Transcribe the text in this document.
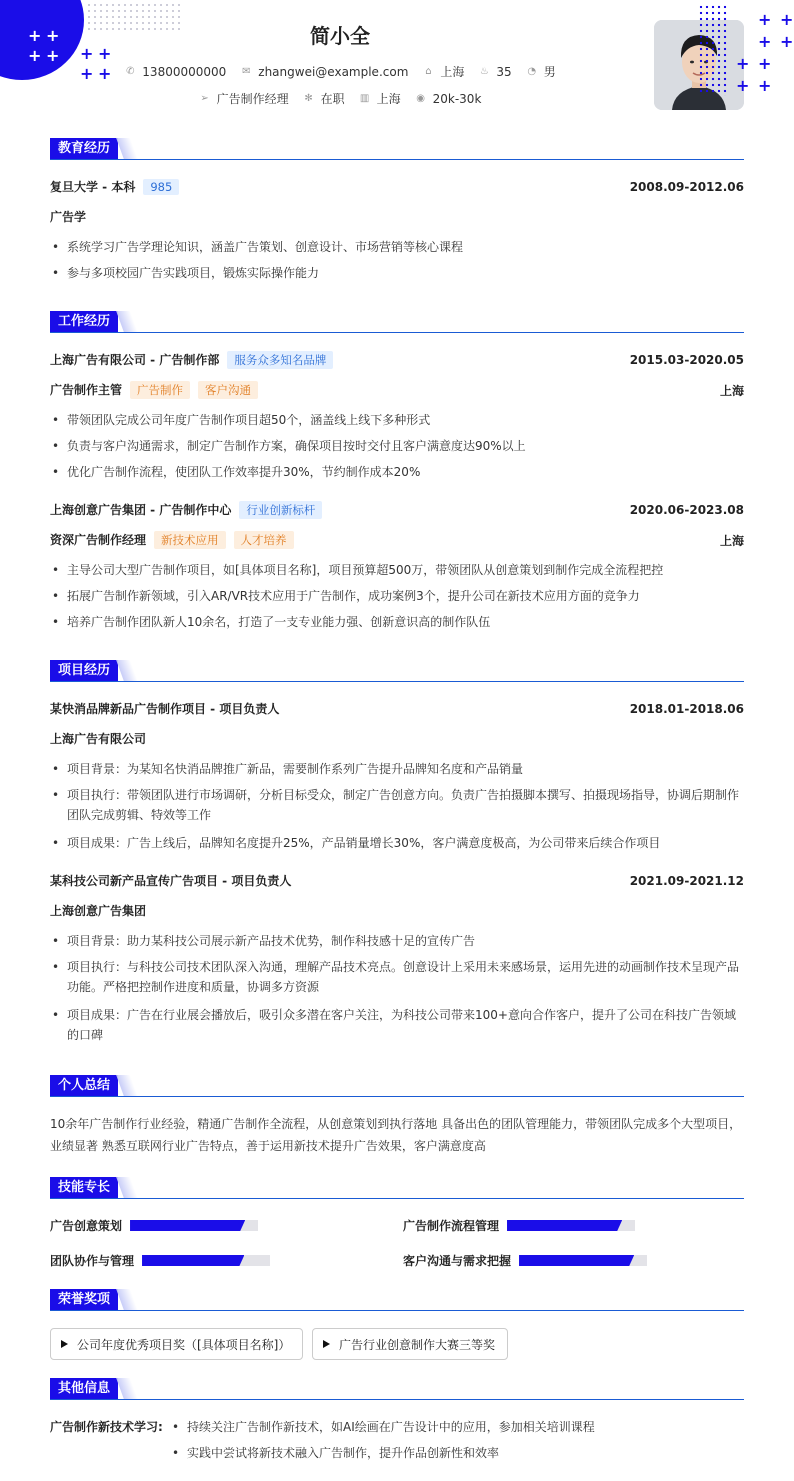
+ +
+ + + +
+ +
简小全
✆ 13800000000 ✉ zhangwei@example.com ⌂ 上海 ♨ 35 ◔ 男
➢ 广告制作经理 ✻ 在职 ▥ 上海 ◉ 20k-30k
+ +
+ +
+ +
+ +
教育经历
复旦大学 - 本科 985	2008.09-2012.06
广告学
• 系统学习广告学理论知识，涵盖广告策划、创意设计、市场营销等核心课程
• 参与多项校园广告实践项目，锻炼实际操作能力
工作经历
上海广告有限公司 - 广告制作部 服务众多知名品牌	2015.03-2020.05
广告制作主管 广告制作 客户沟通	上海
• 带领团队完成公司年度广告制作项目超50个，涵盖线上线下多种形式
• 负责与客户沟通需求，制定广告制作方案，确保项目按时交付且客户满意度达90%以上
• 优化广告制作流程，使团队工作效率提升30%，节约制作成本20%
上海创意广告集团 - 广告制作中心 行业创新标杆	2020.06-2023.08
资深广告制作经理 新技术应用 人才培养	上海
• 主导公司大型广告制作项目，如[具体项目名称]，项目预算超500万，带领团队从创意策划到制作完成全流程把控
• 拓展广告制作新领域，引入AR/VR技术应用于广告制作，成功案例3个，提升公司在新技术应用方面的竞争力
• 培养广告制作团队新人10余名，打造了一支专业能力强、创新意识高的制作队伍
项目经历
某快消品牌新品广告制作项目 - 项目负责人	2018.01-2018.06
上海广告有限公司
• 项目背景：为某知名快消品牌推广新品，需要制作系列广告提升品牌知名度和产品销量
• 项目执行：带领团队进行市场调研，分析目标受众，制定广告创意方向。负责广告拍摄脚本撰写、拍摄现场指导，协调后期制作团队完成剪辑、特效等工作
• 项目成果：广告上线后，品牌知名度提升25%，产品销量增长30%，客户满意度极高，为公司带来后续合作项目
某科技公司新产品宣传广告项目 - 项目负责人	2021.09-2021.12
上海创意广告集团
• 项目背景：助力某科技公司展示新产品技术优势，制作科技感十足的宣传广告
• 项目执行：与科技公司技术团队深入沟通，理解产品技术亮点。创意设计上采用未来感场景，运用先进的动画制作技术呈现产品功能。严格把控制作进度和质量，协调多方资源
• 项目成果：广告在行业展会播放后，吸引众多潜在客户关注，为科技公司带来100+意向合作客户，提升了公司在科技广告领域的口碑
个人总结
10余年广告制作行业经验，精通广告制作全流程，从创意策划到执行落地 具备出色的团队管理能力，带领团队完成多个大型项目，业绩显著 熟悉互联网行业广告特点，善于运用新技术提升广告效果，客户满意度高
技能专长
广告创意策划	广告制作流程管理
团队协作与管理	客户沟通与需求把握
荣誉奖项
公司年度优秀项目奖（[具体项目名称]）	广告行业创意制作大赛三等奖
其他信息
广告制作新技术学习:
•	持续关注广告制作新技术，如AI绘画在广告设计中的应用，参加相关培训课程
• 实践中尝试将新技术融入广告制作，提升作品创新性和效率
